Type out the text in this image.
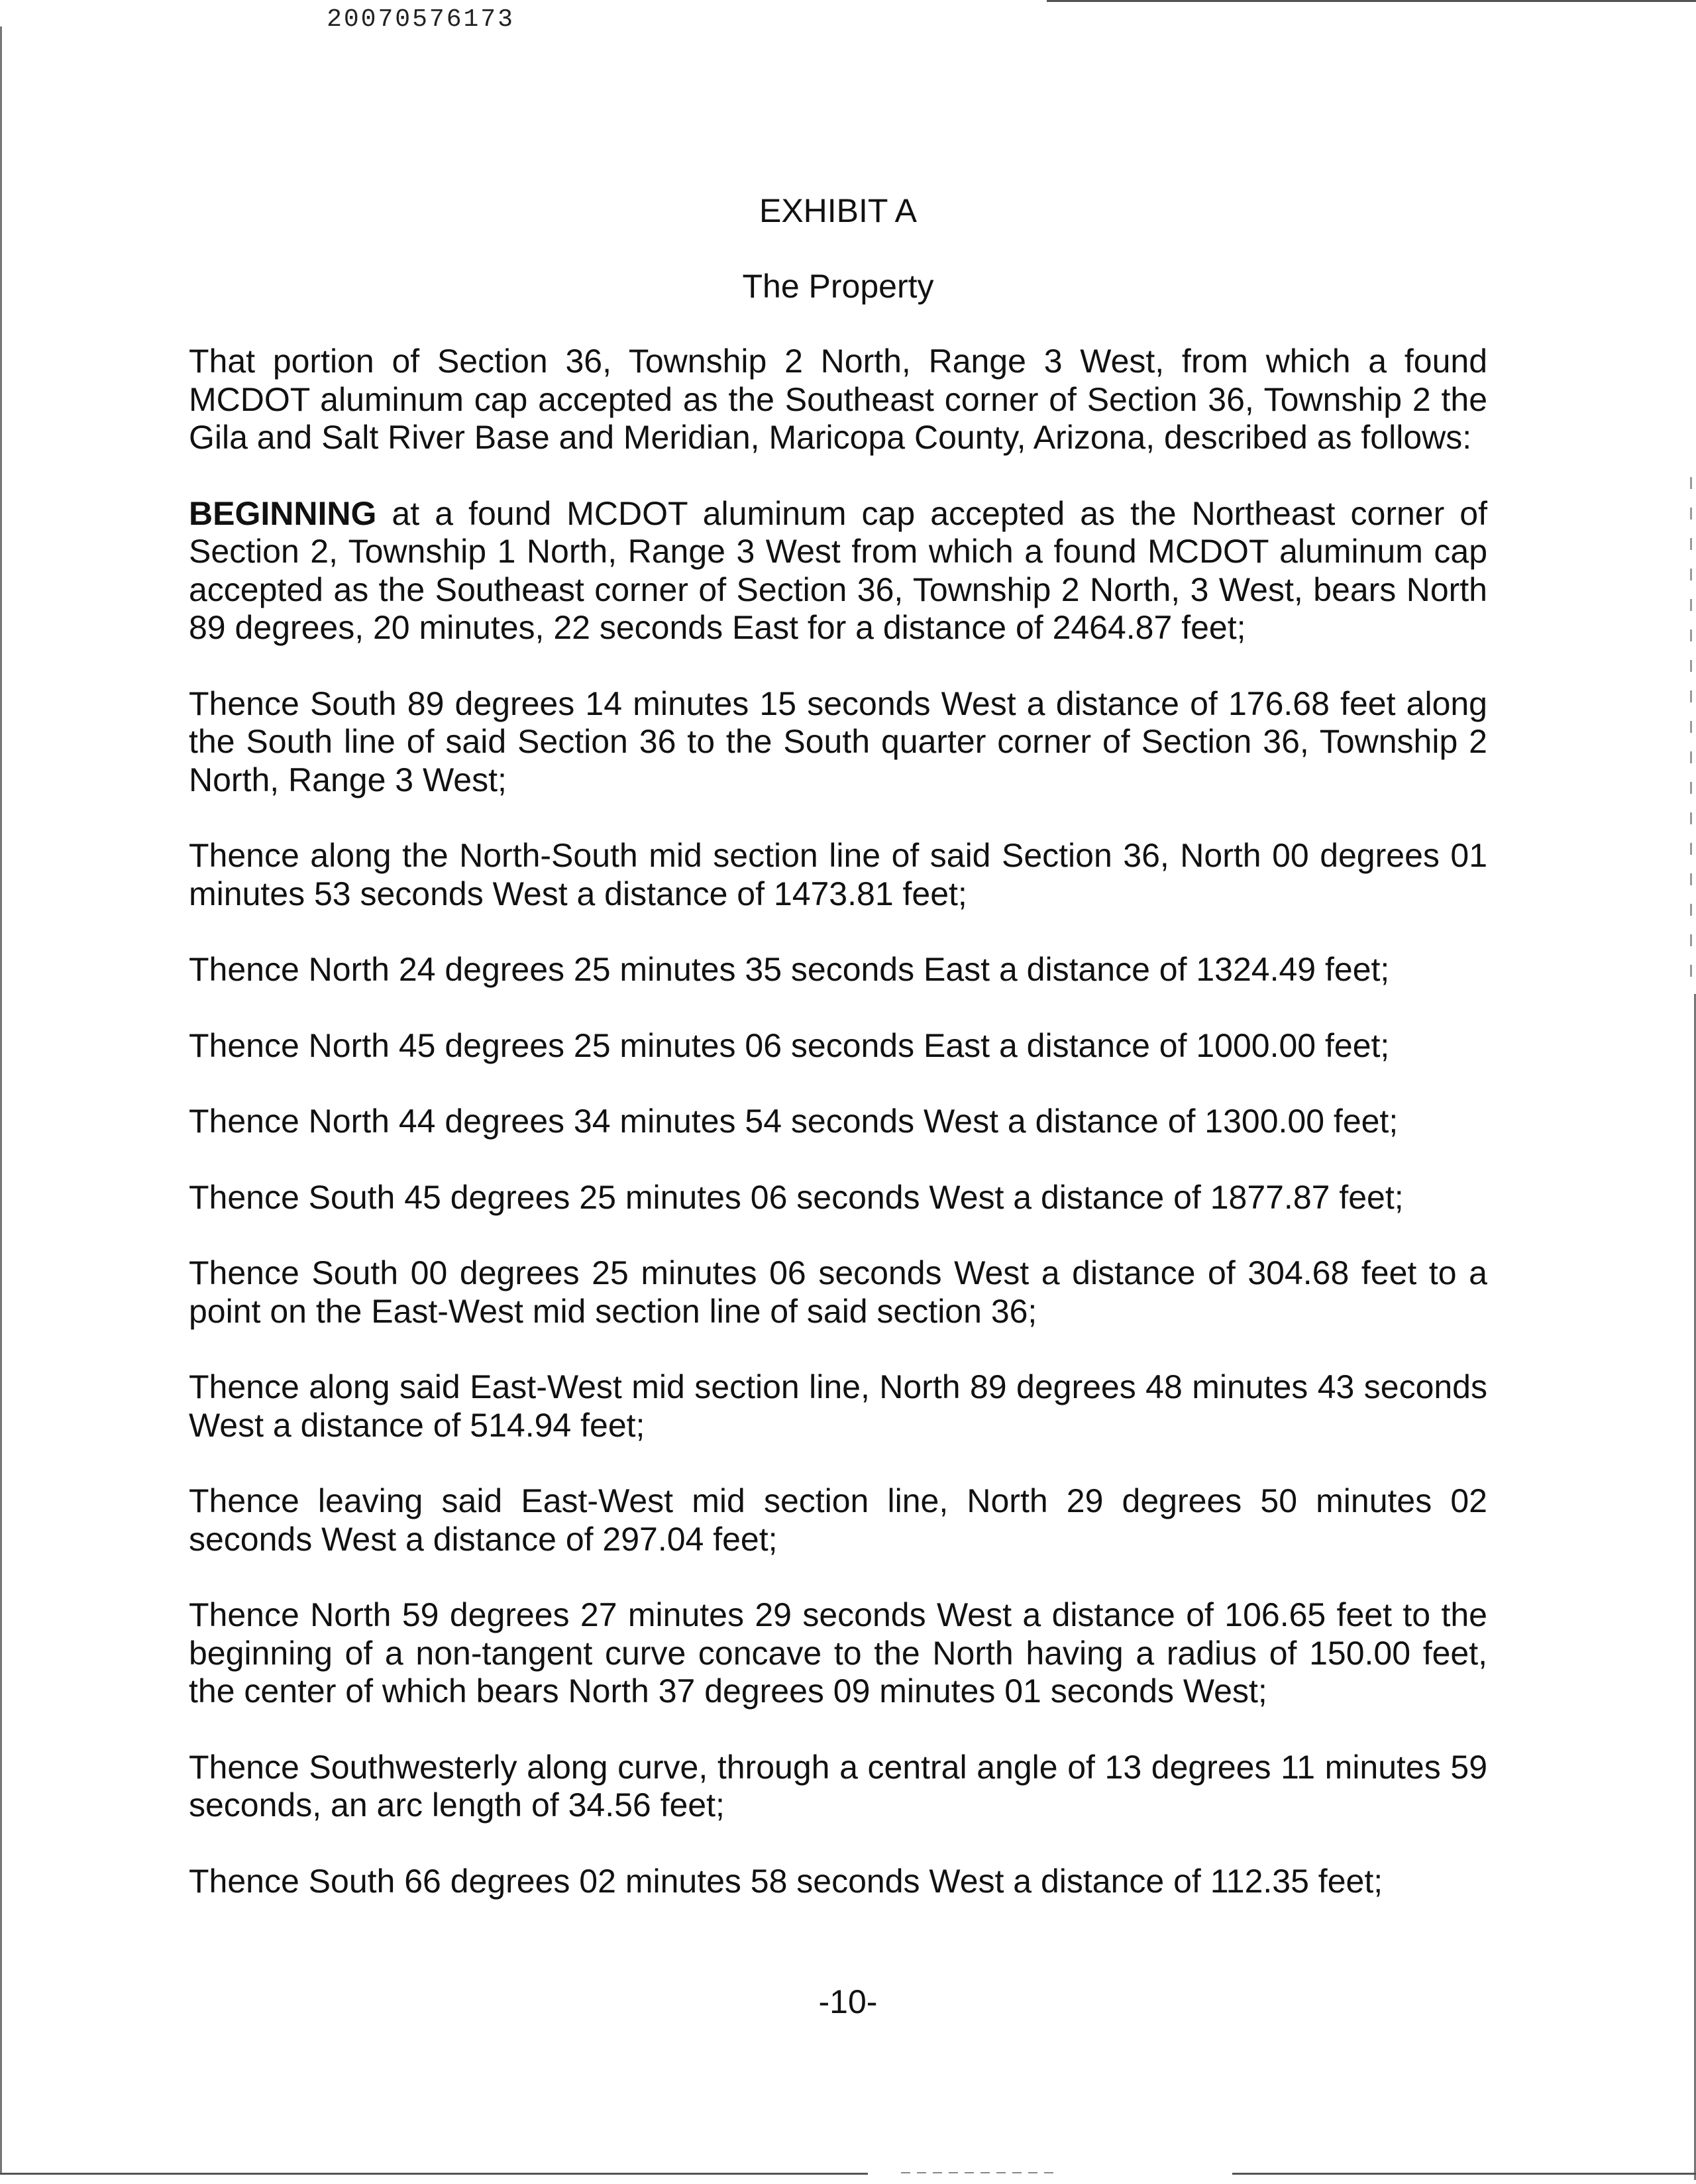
20070576173

EXHIBIT A

The Property

That portion of Section 36, Township 2 North, Range 3 West, from which a found MCDOT aluminum cap accepted as the Southeast corner of Section 36, Township 2 the Gila and Salt River Base and Meridian, Maricopa County, Arizona, described as follows:

BEGINNING at a found MCDOT aluminum cap accepted as the Northeast corner of Section 2, Township 1 North, Range 3 West from which a found MCDOT aluminum cap accepted as the Southeast corner of Section 36, Township 2 North, 3 West, bears North 89 degrees, 20 minutes, 22 seconds East for a distance of 2464.87 feet;

Thence South 89 degrees 14 minutes 15 seconds West a distance of 176.68 feet along the South line of said Section 36 to the South quarter corner of Section 36, Township 2 North, Range 3 West;

Thence along the North-South mid section line of said Section 36, North 00 degrees 01 minutes 53 seconds West a distance of 1473.81 feet;

Thence North 24 degrees 25 minutes 35 seconds East a distance of 1324.49 feet;

Thence North 45 degrees 25 minutes 06 seconds East a distance of 1000.00 feet;

Thence North 44 degrees 34 minutes 54 seconds West a distance of 1300.00 feet;

Thence South 45 degrees 25 minutes 06 seconds West a distance of 1877.87 feet;

Thence South 00 degrees 25 minutes 06 seconds West a distance of 304.68 feet to a point on the East-West mid section line of said section 36;

Thence along said East-West mid section line, North 89 degrees 48 minutes 43 seconds West a distance of 514.94 feet;

Thence leaving said East-West mid section line, North 29 degrees 50 minutes 02 seconds West a distance of 297.04 feet;

Thence North 59 degrees 27 minutes 29 seconds West a distance of 106.65 feet to the beginning of a non-tangent curve concave to the North having a radius of 150.00 feet, the center of which bears North 37 degrees 09 minutes 01 seconds West;

Thence Southwesterly along curve, through a central angle of 13 degrees 11 minutes 59 seconds, an arc length of 34.56 feet;

Thence South 66 degrees 02 minutes 58 seconds West a distance of 112.35 feet;

-10-
